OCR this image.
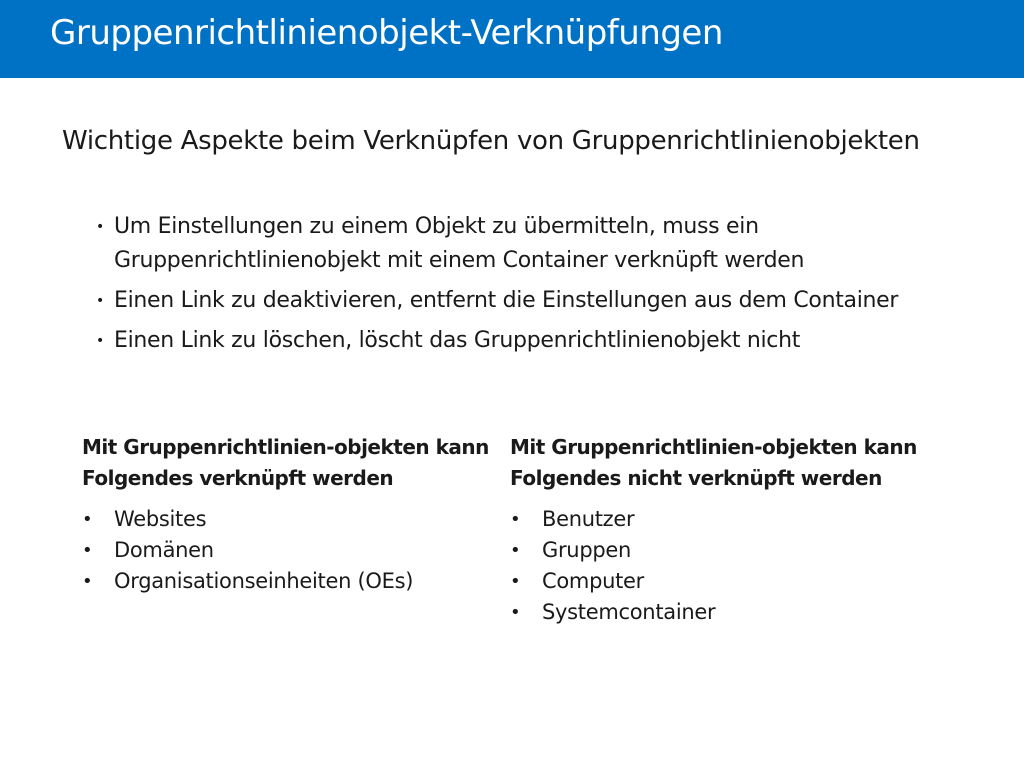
Gruppenrichtlinienobjekt-Verknüpfungen
Wichtige Aspekte beim Verknüpfen von Gruppenrichtlinienobjekten
• Um Einstellungen zu einem Objekt zu übermitteln, muss ein Gruppenrichtlinienobjekt mit einem Container verknüpft werden
• Einen Link zu deaktivieren, entfernt die Einstellungen aus dem Container
• Einen Link zu löschen, löscht das Gruppenrichtlinienobjekt nicht
Mit Gruppenrichtlinien-objekten kann Folgendes verknüpft werden
• Websites
• Domänen
• Organisationseinheiten (OEs)
Mit Gruppenrichtlinien-objekten kann Folgendes nicht verknüpft werden
• Benutzer
• Gruppen
• Computer
• Systemcontainer
